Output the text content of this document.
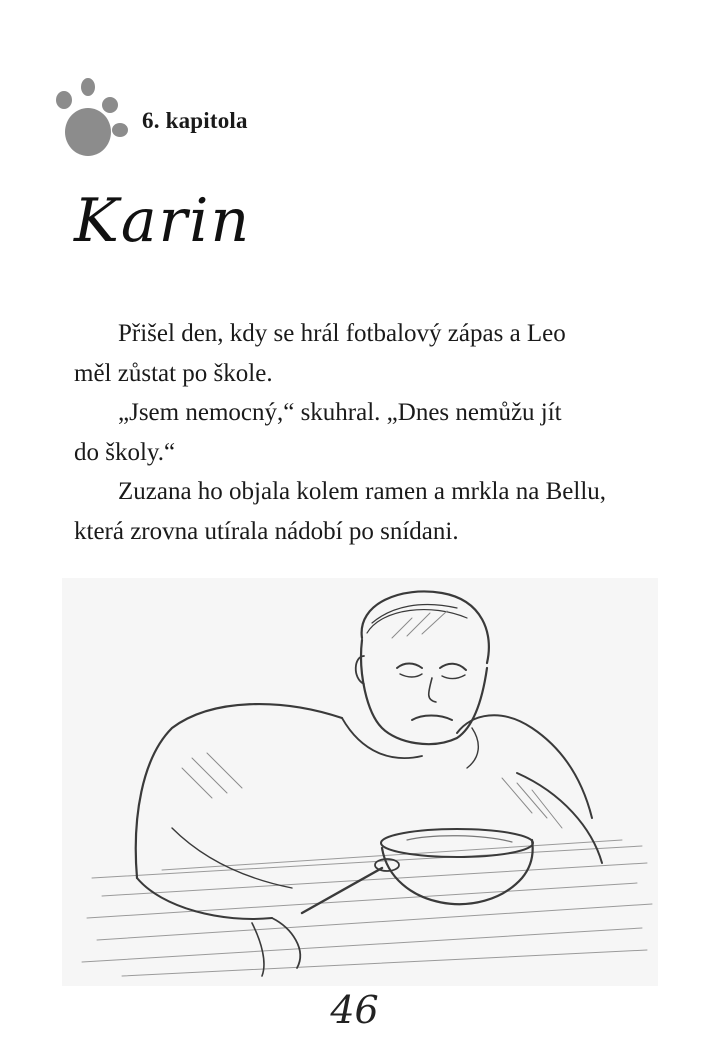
6. kapitola
Karin

Přišel den, kdy se hrál fotbalový zápas a Leo

měl zůstat po škole.

„Jsem nemocný,“ skuhral. „Dnes nemůžu jít

do školy.“

Zuzana ho objala kolem ramen a mrkla na Bellu,

která zrovna utírala nádobí po snídani.

46
